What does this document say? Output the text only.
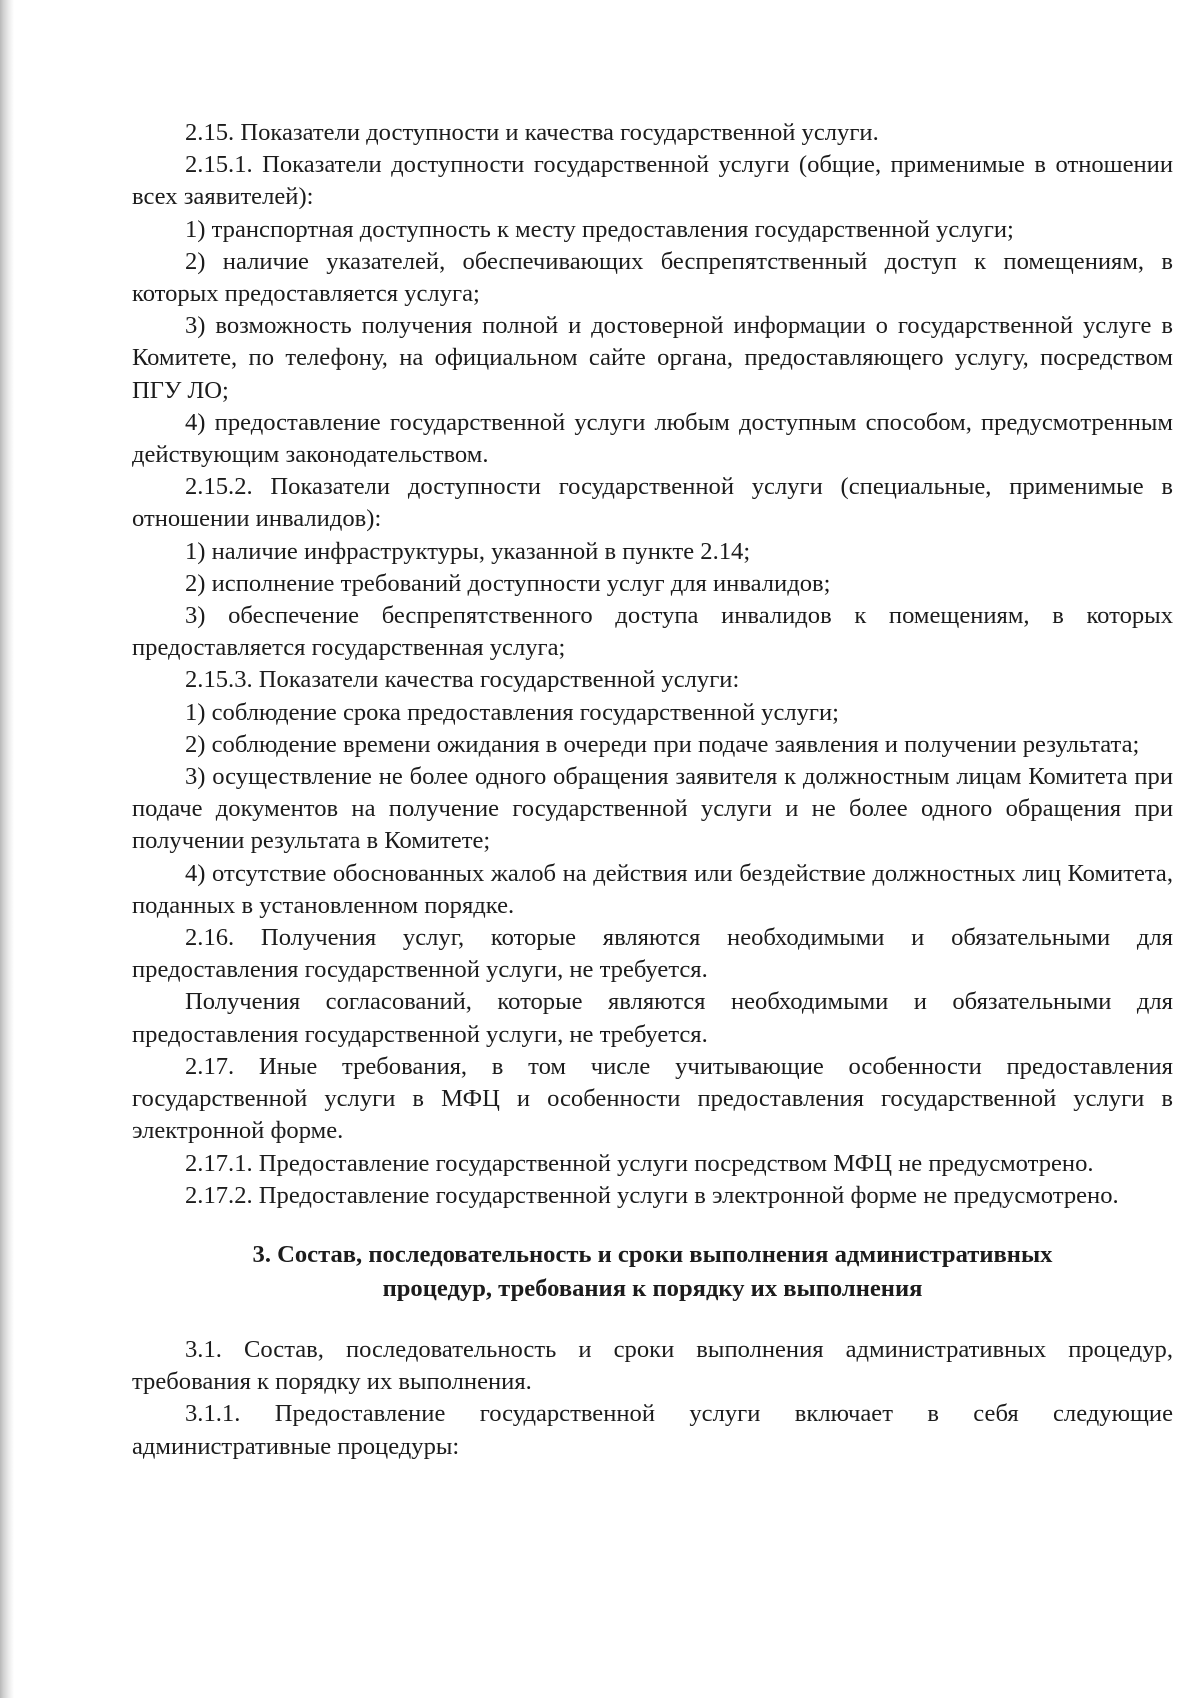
2.15. Показатели доступности и качества государственной услуги.

2.15.1. Показатели доступности государственной услуги (общие, применимые в отношении всех заявителей):

1) транспортная доступность к месту предоставления государственной услуги;

2) наличие указателей, обеспечивающих беспрепятственный доступ к помещениям, в которых предоставляется услуга;

3) возможность получения полной и достоверной информации о государственной услуге в Комитете, по телефону, на официальном сайте органа, предоставляющего услугу, посредством ПГУ ЛО;

4) предоставление государственной услуги любым доступным способом, предусмотренным действующим законодательством.

2.15.2. Показатели доступности государственной услуги (специальные, применимые в отношении инвалидов):

1) наличие инфраструктуры, указанной в пункте 2.14;

2) исполнение требований доступности услуг для инвалидов;

3) обеспечение беспрепятственного доступа инвалидов к помещениям, в которых предоставляется государственная услуга;

2.15.3. Показатели качества государственной услуги:

1) соблюдение срока предоставления государственной услуги;

2) соблюдение времени ожидания в очереди при подаче заявления и получении результата;

3) осуществление не более одного обращения заявителя к должностным лицам Комитета при подаче документов на получение государственной услуги и не более одного обращения при получении результата в Комитете;

4) отсутствие обоснованных жалоб на действия или бездействие должностных лиц Комитета, поданных в установленном порядке.

2.16. Получения услуг, которые являются необходимыми и обязательными для предоставления государственной услуги, не требуется.

Получения согласований, которые являются необходимыми и обязательными для предоставления государственной услуги, не требуется.

2.17. Иные требования, в том числе учитывающие особенности предоставления государственной услуги в МФЦ и особенности предоставления государственной услуги в электронной форме.

2.17.1. Предоставление государственной услуги посредством МФЦ не предусмотрено.

2.17.2. Предоставление государственной услуги в электронной форме не предусмотрено.

3. Состав, последовательность и сроки выполнения административных
процедур, требования к порядку их выполнения

3.1. Состав, последовательность и сроки выполнения административных процедур, требования к порядку их выполнения.

3.1.1. Предоставление государственной услуги включает в себя следующие административные процедуры:
